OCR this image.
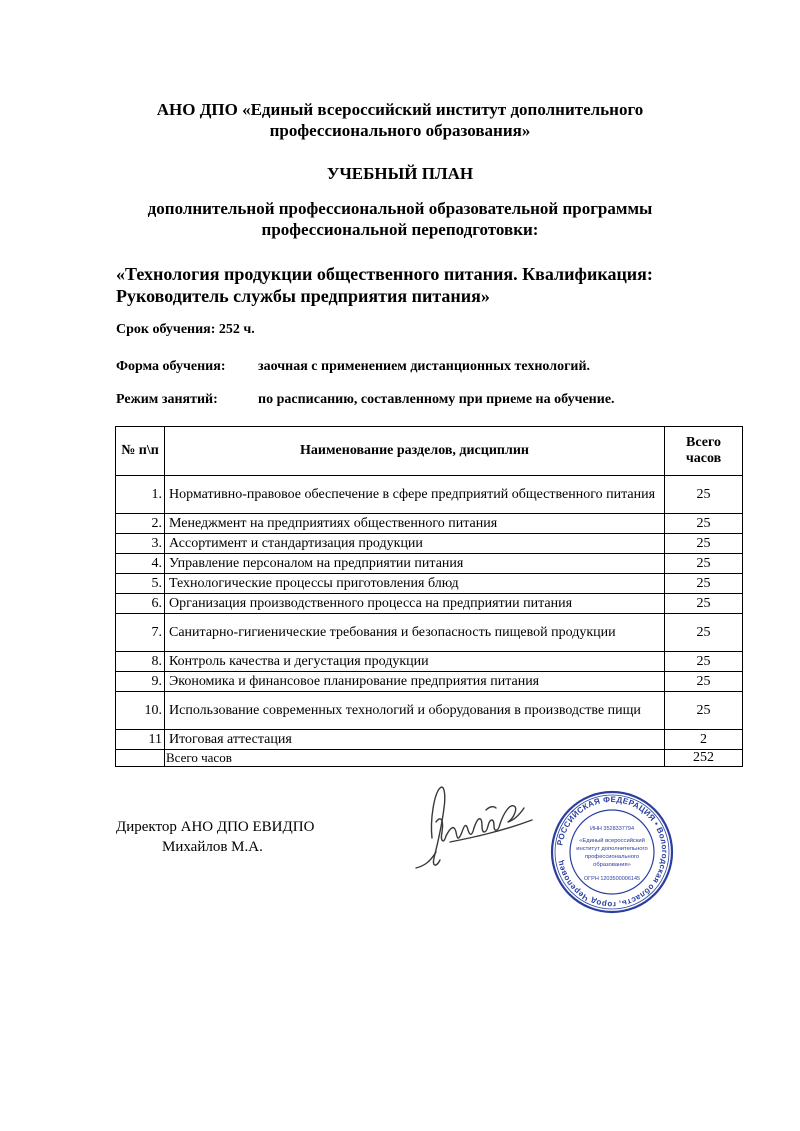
АНО ДПО «Единый всероссийский институт дополнительного
профессионального образования»

УЧЕБНЫЙ ПЛАН

дополнительной профессиональной образовательной программы
профессиональной переподготовки:

«Технология продукции общественного питания. Квалификация:
Руководитель службы предприятия питания»

Срок обучения: 252 ч.
Форма обучения: заочная с применением дистанционных технологий.
Режим занятий:	по расписанию, составленному при приеме на обучение.
№ п\п	Наименование разделов, дисциплин	Всего
часов
1.	Нормативно-правовое обеспечение в сфере предприятий общественного питания	25
2.	Менеджмент на предприятиях общественного питания	25
3.	Ассортимент и стандартизация продукции	25
4.	Управление персоналом на предприятии питания	25
5.	Технологические процессы приготовления блюд	25
6.	Организация производственного процесса на предприятии питания	25
7.	Санитарно-гигиенические требования и безопасность пищевой продукции	25
8.	Контроль качества и дегустация продукции	25
9.	Экономика и финансовое планирование предприятия питания	25
10.	Использование современных технологий и оборудования в производстве пищи	25
11	Итоговая аттестация	2
	Всего часов	252
Директор АНО ДПО ЕВИДПО
Михайлов М.А.	РОССИЙСКАЯ ФЕДЕРАЦИЯ • Вологодская область, город Череповец
ИНН 3528337794
«Единый всероссийский
институт дополнительного
профессионального
образования»
ОГРН 1203500006145
